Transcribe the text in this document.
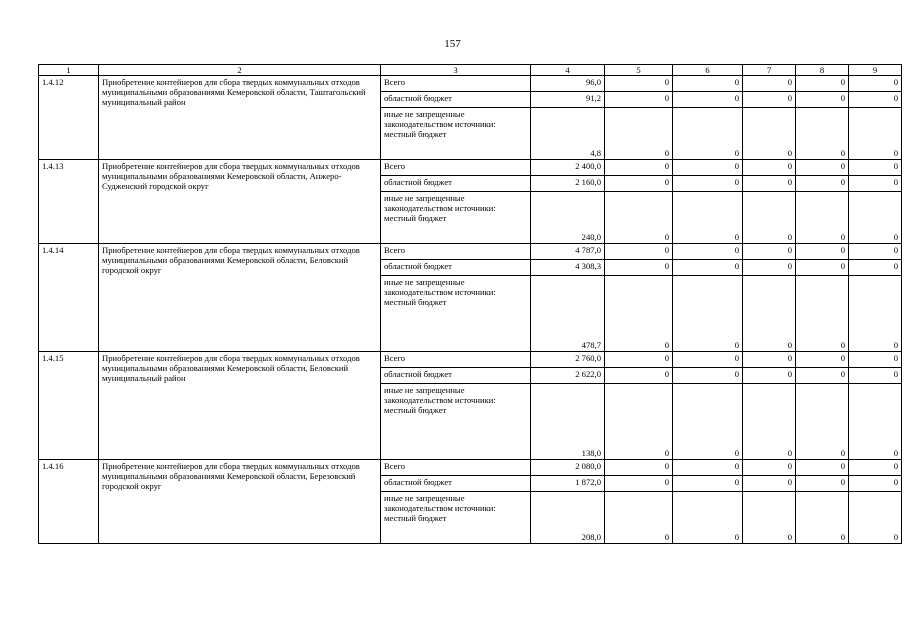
157
1	2	3	4	5	6	7	8	9
1.4.12	Приобретение контейнеров для сбора твердых коммунальных отходов муниципальными образованиями Кемеровской области, Таштагольский муниципальный район	Всего	96,0	0	0	0	0	0
		областной бюджет	91,2	0	0	0	0	0
		иные не запрещенные законодательством источники:
местный бюджет	4,8	0	0	0	0	0
1.4.13	Приобретение контейнеров для сбора твердых коммунальных отходов муниципальными образованиями Кемеровской области, Анжеро-Судженский городской округ	Всего	2 400,0	0	0	0	0	0
		областной бюджет	2 160,0	0	0	0	0	0
		иные не запрещенные законодательством источники:
местный бюджет	240,0	0	0	0	0	0
1.4.14	Приобретение контейнеров для сбора твердых коммунальных отходов муниципальными образованиями Кемеровской области, Беловский городской округ	Всего	4 787,0	0	0	0	0	0
		областной бюджет	4 308,3	0	0	0	0	0
		иные не запрещенные законодательством источники:
местный бюджет	478,7	0	0	0	0	0
1.4.15	Приобретение контейнеров для сбора твердых коммунальных отходов муниципальными образованиями Кемеровской области, Беловский муниципальный район	Всего	2 760,0	0	0	0	0	0
		областной бюджет	2 622,0	0	0	0	0	0
		иные не запрещенные законодательством источники:
местный бюджет	138,0	0	0	0	0	0
1.4.16	Приобретение контейнеров для сбора твердых коммунальных отходов муниципальными образованиями Кемеровской области, Березовский городской округ	Всего	2 080,0	0	0	0	0	0
		областной бюджет	1 872,0	0	0	0	0	0
		иные не запрещенные законодательством источники:
местный бюджет	208,0	0	0	0	0	0
